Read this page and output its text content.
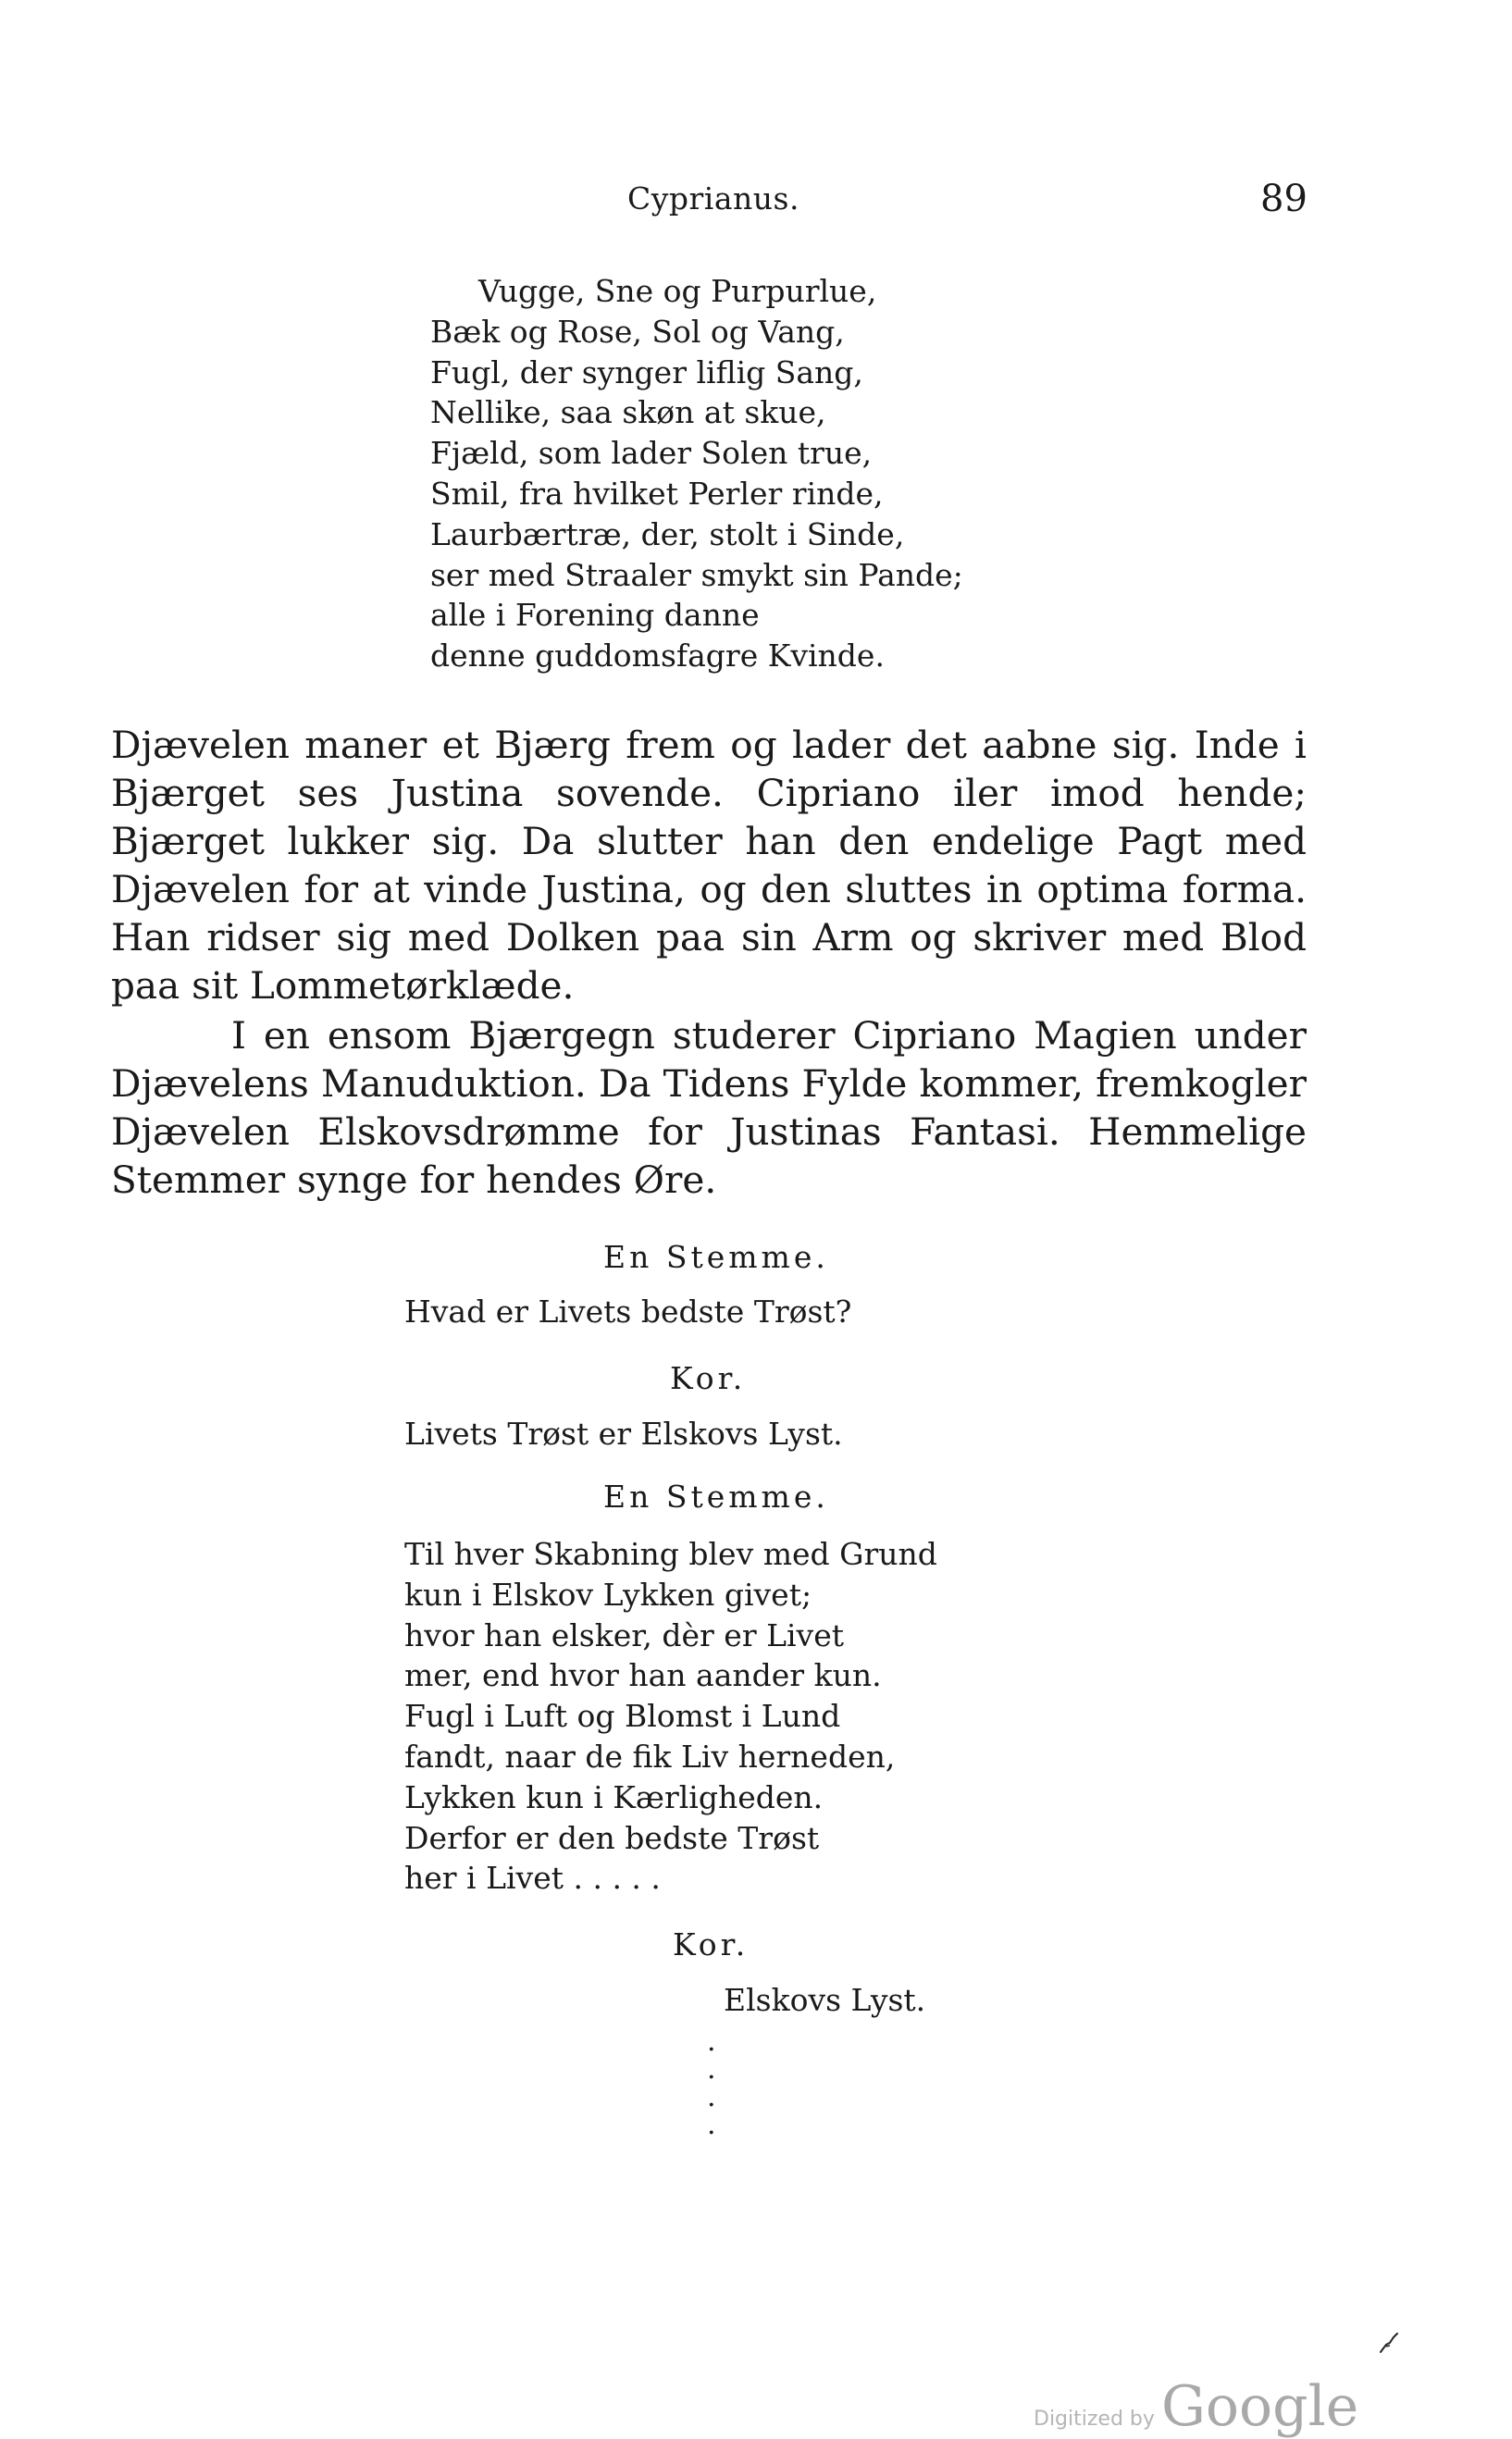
Cyprianus.	89
Vugge, Sne og Purpurlue,
Bæk og Rose, Sol og Vang,
Fugl, der synger liflig Sang,
Nellike, saa skøn at skue,
Fjæld, som lader Solen true,
Smil, fra hvilket Perler rinde,
Laurbærtræ, der, stolt i Sinde,
ser med Straaler smykt sin Pande;
alle i Forening danne
denne guddomsfagre Kvinde.

Djævelen maner et Bjærg frem og lader det aabne sig. Inde i Bjærget ses Justina sovende. Cipriano iler imod hende; Bjærget lukker sig. Da slutter han den endelige Pagt med Djævelen for at vinde Justina, og den sluttes in optima forma. Han ridser sig med Dolken paa sin Arm og skriver med Blod paa sit Lommetørklæde.

I en ensom Bjærgegn studerer Cipriano Magien under Djævelens Manuduktion. Da Tidens Fylde kommer, fremkogler Djævelen Elskovsdrømme for Justinas Fantasi. Hemmelige Stemmer synge for hendes Øre.

En Stemme.
Hvad er Livets bedste Trøst?
Kor.
Livets Trøst er Elskovs Lyst.
En Stemme.
Til hver Skabning blev med Grund
kun i Elskov Lykken givet;
hvor han elsker, dèr er Livet
mer, end hvor han aander kun.
Fugl i Luft og Blomst i Lund
fandt, naar de fik Liv herneden,
Lykken kun i Kærligheden.
Derfor er den bedste Trøst
her i Livet . . . . .
Kor.
Elskovs Lyst.
.
.
.
.
Digitized by Google
